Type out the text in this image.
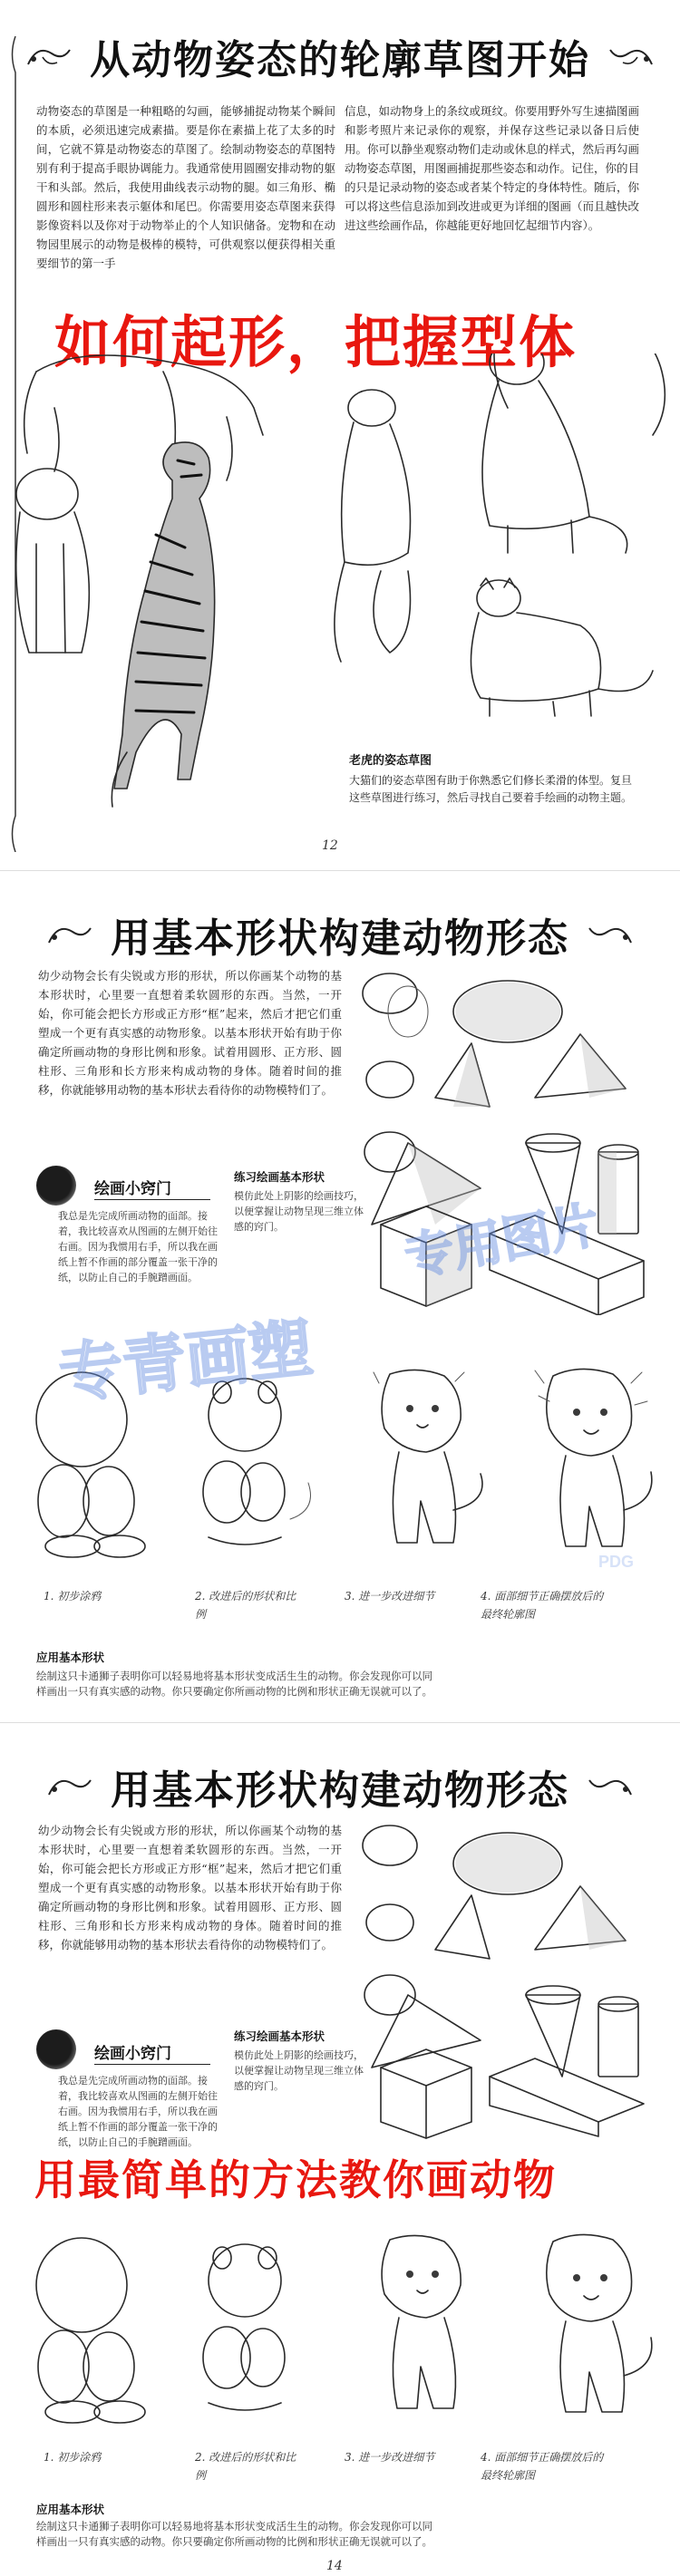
从动物姿态的轮廓草图开始
动物姿态的草图是一种粗略的勾画，能够捕捉动物某个瞬间的本质，必须迅速完成素描。要是你在素描上花了太多的时间，它就不算是动物姿态的草图了。绘制动物姿态的草图特别有利于提高手眼协调能力。我通常使用圆圈安排动物的躯干和头部。然后，我使用曲线表示动物的腿。如三角形、椭圆形和圆柱形来表示躯体和尾巴。你需要用姿态草图来获得影像资料以及你对于动物举止的个人知识储备。宠物和在动物园里展示的动物是极棒的模特，可供观察以便获得相关重要细节的第一手
信息，如动物身上的条纹或斑纹。你要用野外写生速描图画和影考照片来记录你的观察，并保存这些记录以备日后使用。你可以静坐观察动物们走动或休息的样式，然后再勾画动物姿态草图，用图画捕捉那些姿态和动作。记住，你的目的只是记录动物的姿态或者某个特定的身体特性。随后，你可以将这些信息添加到改进或更为详细的图画（而且越快改进这些绘画作品，你越能更好地回忆起细节内容）。
如何起形，把握型体
老虎的姿态草图
大猫们的姿态草图有助于你熟悉它们修长柔滑的体型。复旦这些草图进行练习，然后寻找自己要着手绘画的动物主题。
12
用基本形状构建动物形态
幼少动物会长有尖锐或方形的形状，所以你画某个动物的基本形状时，心里要一直想着柔软圆形的东西。当然，一开始，你可能会把长方形或正方形“框”起来，然后才把它们重塑成一个更有真实感的动物形象。以基本形状开始有助于你确定所画动物的身形比例和形象。试着用圆形、正方形、圆柱形、三角形和长方形来构成动物的身体。随着时间的推移，你就能够用动物的基本形状去看待你的动物模特们了。
绘画小窍门
我总是先完成所画动物的面部。接着，我比较喜欢从图画的左侧开始往右画。因为我惯用右手，所以我在画纸上暂不作画的部分覆盖一张干净的纸，以防止自己的手腕蹭画面。
练习绘画基本形状
模仿此处上阴影的绘画技巧，以便掌握让动物呈现三维立体感的窍门。
1. 初步涂鸦	2. 改进后的形状和比例
3. 进一步改进细节	4. 面部细节正确摆放后的最终轮廓图
应用基本形状
绘制这只卡通狮子表明你可以轻易地将基本形状变成活生生的动物。你会发现你可以同样画出一只有真实感的动物。你只要确定你所画动物的比例和形状正确无误就可以了。
专青画塑
专用图片
PDG
用基本形状构建动物形态
幼少动物会长有尖锐或方形的形状，所以你画某个动物的基本形状时，心里要一直想着柔软圆形的东西。当然，一开始，你可能会把长方形或正方形“框”起来，然后才把它们重塑成一个更有真实感的动物形象。以基本形状开始有助于你确定所画动物的身形比例和形象。试着用圆形、正方形、圆柱形、三角形和长方形来构成动物的身体。随着时间的推移，你就能够用动物的基本形状去看待你的动物模特们了。
绘画小窍门
我总是先完成所画动物的面部。接着，我比较喜欢从图画的左侧开始往右画。因为我惯用右手，所以我在画纸上暂不作画的部分覆盖一张干净的纸，以防止自己的手腕蹭画面。
练习绘画基本形状
模仿此处上阴影的绘画技巧，以便掌握让动物呈现三维立体感的窍门。
用最简单的方法教你画动物
1. 初步涂鸦	2. 改进后的形状和比例
3. 进一步改进细节	4. 面部细节正确摆放后的最终轮廓图
应用基本形状
绘制这只卡通狮子表明你可以轻易地将基本形状变成活生生的动物。你会发现你可以同样画出一只有真实感的动物。你只要确定你所画动物的比例和形状正确无误就可以了。
14
